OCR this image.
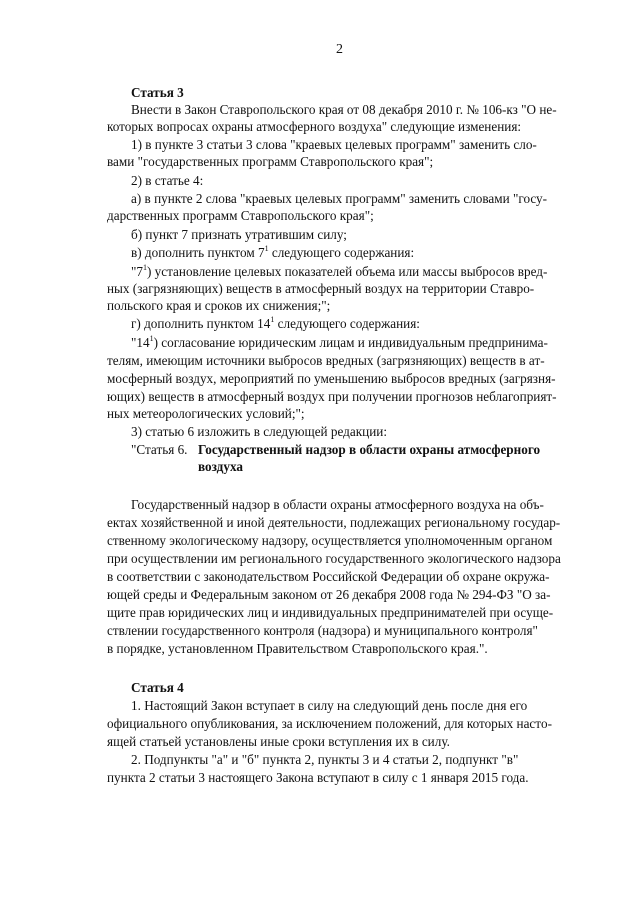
2
Статья 3
Внести в Закон Ставропольского края от 08 декабря 2010 г. № 106-кз "О не-
которых вопросах охраны атмосферного воздуха" следующие изменения:
1) в пункте 3 статьи 3 слова "краевых целевых программ" заменить сло-
вами "государственных программ Ставропольского края";
2) в статье 4:
а) в пункте 2 слова "краевых целевых программ" заменить словами "госу-
дарственных программ Ставропольского края";
б) пункт 7 признать утратившим силу;
в) дополнить пунктом $7^1$ следующего содержания:
"$7^1$) установление целевых показателей объема или массы выбросов вред-
ных (загрязняющих) веществ в атмосферный воздух на территории Ставро-
польского края и сроков их снижения;";
г) дополнить пунктом $14^1$ следующего содержания:
"$14^1$) согласование юридическим лицам и индивидуальным предпринима-
телям, имеющим источники выбросов вредных (загрязняющих) веществ в ат-
мосферный воздух, мероприятий по уменьшению выбросов вредных (загрязня-
ющих) веществ в атмосферный воздух при получении прогнозов неблагоприят-
ных метеорологических условий;";
3) статью 6 изложить в следующей редакции:
"Статья 6. Государственный надзор в области охраны атмосферного
воздуха
Государственный надзор в области охраны атмосферного воздуха на объ-
ектах хозяйственной и иной деятельности, подлежащих региональному государ-
ственному экологическому надзору, осуществляется уполномоченным органом
при осуществлении им регионального государственного экологического надзора
в соответствии с законодательством Российской Федерации об охране окружа-
ющей среды и Федеральным законом от 26 декабря 2008 года № 294-ФЗ "О за-
щите прав юридических лиц и индивидуальных предпринимателей при осуще-
ствлении государственного контроля (надзора) и муниципального контроля"
в порядке, установленном Правительством Ставропольского края.".
Статья 4
1. Настоящий Закон вступает в силу на следующий день после дня его
официального опубликования, за исключением положений, для которых настo-
ящей статьей установлены иные сроки вступления их в силу.
2. Подпункты "а" и "б" пункта 2, пункты 3 и 4 статьи 2, подпункт "в"
пункта 2 статьи 3 настоящего Закона вступают в силу с 1 января 2015 года.
